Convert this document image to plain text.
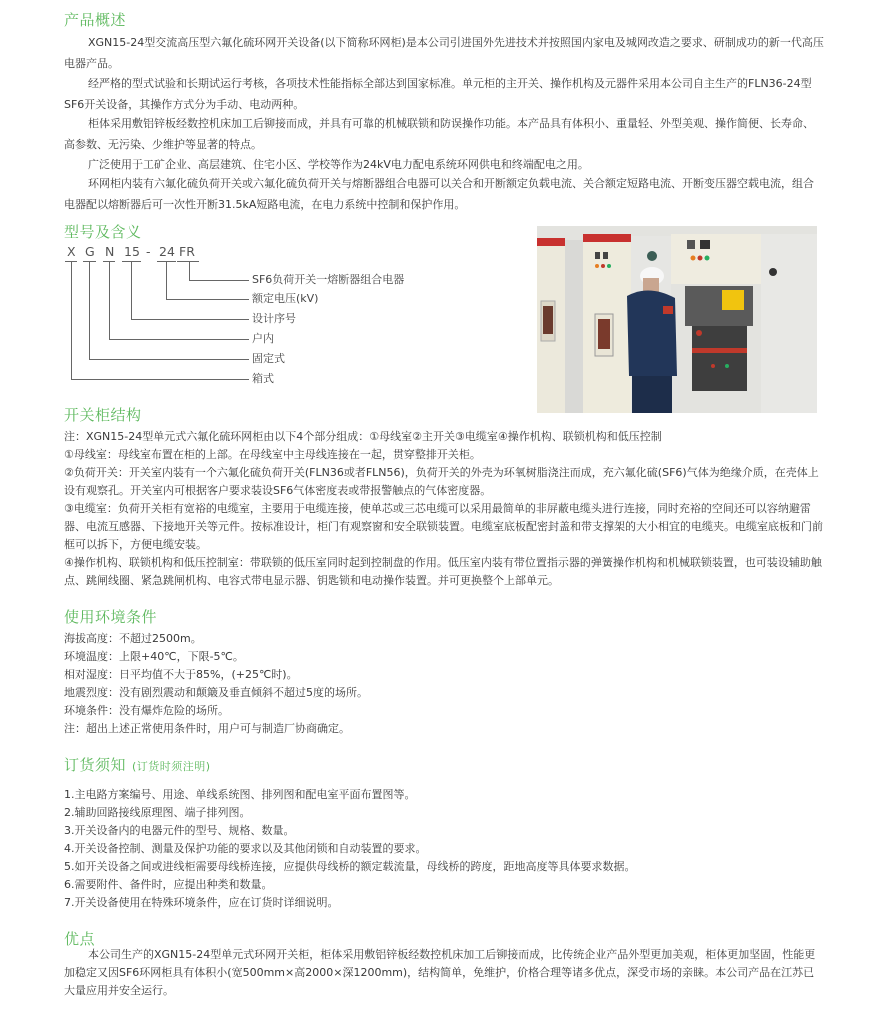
产品概述

XGN15-24型交流高压型六氟化硫环网开关设备(以下简称环网柜)是本公司引进国外先进技术并按照国内家电及城网改造之要求、研制成功的新一代高压电器产品。

经严格的型式试验和长期试运行考核，各项技术性能指标全部达到国家标准。单元柜的主开关、操作机构及元器件采用本公司自主生产的FLN36-24型SF6开关设备，其操作方式分为手动、电动两种。

柜体采用敷铝锌板经数控机床加工后铆接而成，并具有可靠的机械联锁和防误操作功能。本产品具有体积小、重量轻、外型美观、操作简便、长寿命、高参数、无污染、少维护等显著的特点。

广泛使用于工矿企业、高层建筑、住宅小区、学校等作为24kV电力配电系统环网供电和终端配电之用。

环网柜内装有六氟化硫负荷开关或六氟化硫负荷开关与熔断器组合电器可以关合和开断额定负载电流、关合额定短路电流、开断变压器空载电流，组合电器配以熔断器后可一次性开断31.5kA短路电流，在电力系统中控制和保护作用。

型号及含义
X G N 15 - 24 FR
SF6负荷开关一熔断器组合电器
额定电压(kV)
设计序号
户内
固定式
箱式
开关柜结构

注：XGN15-24型单元式六氟化硫环网柜由以下4个部分组成：①母线室②主开关③电缆室④操作机构、联锁机构和低压控制

①母线室：母线室布置在柜的上部。在母线室中主母线连接在一起，贯穿整排开关柜。

②负荷开关：开关室内装有一个六氟化硫负荷开关(FLN36或者FLN56)，负荷开关的外壳为环氧树脂浇注而成，充六氟化硫(SF6)气体为绝缘介质，在壳体上设有观察孔。开关室内可根据客户要求装设SF6气体密度表或带报警触点的气体密度器。

③电缆室：负荷开关柜有宽裕的电缆室，主要用于电缆连接，使单芯或三芯电缆可以采用最简单的非屏蔽电缆头进行连接，同时充裕的空间还可以容纳避雷器、电流互感器、下接地开关等元件。按标准设计，柜门有观察窗和安全联锁装置。电缆室底板配密封盖和带支撑架的大小相宜的电缆夹。电缆室底板和门前框可以拆下，方便电缆安装。

④操作机构、联锁机构和低压控制室：带联锁的低压室同时起到控制盘的作用。低压室内装有带位置指示器的弹簧操作机构和机械联锁装置，也可装设辅助触点、跳闸线圈、紧急跳闸机构、电容式带电显示器、钥匙锁和电动操作装置。并可更换整个上部单元。

使用环境条件
海拔高度：不超过2500m。
环境温度：上限+40℃，下限-5℃。
相对湿度：日平均值不大于85%，(+25℃时)。
地震烈度：没有剧烈震动和颠簸及垂直倾斜不超过5度的场所。
环境条件：没有爆炸危险的场所。
注：超出上述正常使用条件时，用户可与制造厂协商确定。
订货须知 (订货时须注明)
1.主电路方案编号、用途、单线系统图、排列图和配电室平面布置图等。
2.辅助回路接线原理图、端子排列图。
3.开关设备内的电器元件的型号、规格、数量。
4.开关设备控制、测量及保护功能的要求以及其他闭锁和自动装置的要求。
5.如开关设备之间或进线柜需要母线桥连接，应提供母线桥的额定载流量，母线桥的跨度，距地高度等具体要求数据。
6.需要附件、备件时，应提出种类和数量。
7.开关设备使用在特殊环境条件，应在订货时详细说明。
优点

本公司生产的XGN15-24型单元式环网开关柜，柜体采用敷铝锌板经数控机床加工后铆接而成，比传统企业产品外型更加美观，柜体更加坚固，性能更加稳定又因SF6环网柜具有体积小(宽500mm×高2000×深1200mm)，结构简单，免维护，价格合理等诸多优点，深受市场的亲睐。本公司产品在江苏已大量应用并安全运行。
